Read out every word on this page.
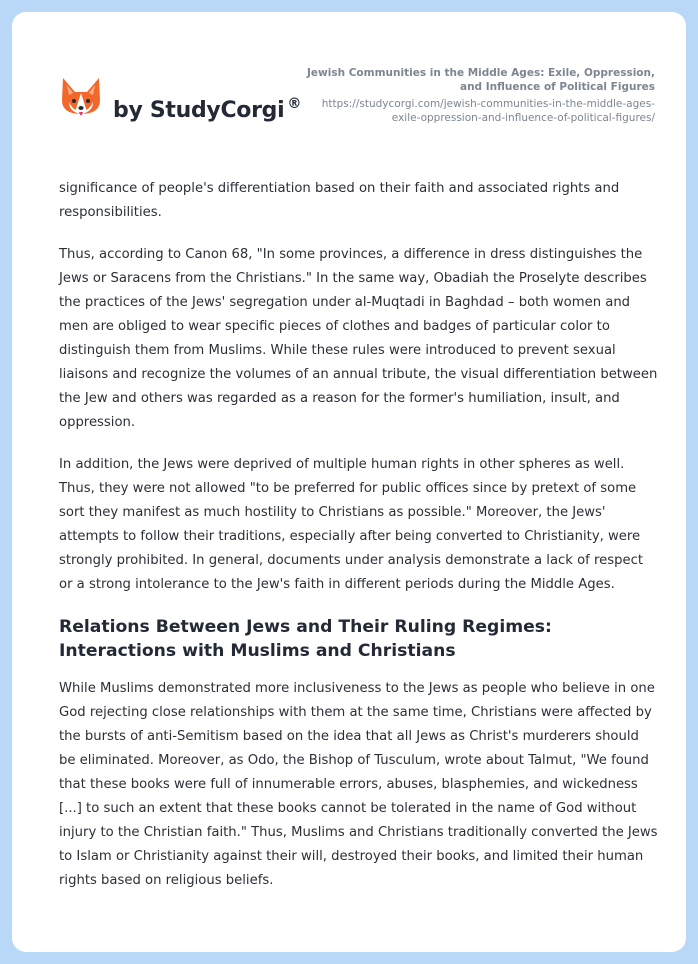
by StudyCorgi ®
Jewish Communities in the Middle Ages: Exile, Oppression, and Influence of Political Figures
https://studycorgi.com/jewish-communities-in-the-middle-ages-exile-oppression-and-influence-of-political-figures/

significance of people's differentiation based on their faith and associated rights and responsibilities.

Thus, according to Canon 68, "In some provinces, a difference in dress distinguishes the Jews or Saracens from the Christians." In the same way, Obadiah the Proselyte describes the practices of the Jews' segregation under al-Muqtadi in Baghdad – both women and men are obliged to wear specific pieces of clothes and badges of particular color to distinguish them from Muslims. While these rules were introduced to prevent sexual liaisons and recognize the volumes of an annual tribute, the visual differentiation between the Jew and others was regarded as a reason for the former's humiliation, insult, and oppression.

In addition, the Jews were deprived of multiple human rights in other spheres as well. Thus, they were not allowed "to be preferred for public offices since by pretext of some sort they manifest as much hostility to Christians as possible." Moreover, the Jews' attempts to follow their traditions, especially after being converted to Christianity, were strongly prohibited. In general, documents under analysis demonstrate a lack of respect or a strong intolerance to the Jew's faith in different periods during the Middle Ages.

Relations Between Jews and Their Ruling Regimes: Interactions with Muslims and Christians

While Muslims demonstrated more inclusiveness to the Jews as people who believe in one God rejecting close relationships with them at the same time, Christians were affected by the bursts of anti-Semitism based on the idea that all Jews as Christ's murderers should be eliminated. Moreover, as Odo, the Bishop of Tusculum, wrote about Talmut, "We found that these books were full of innumerable errors, abuses, blasphemies, and wickedness [...] to such an extent that these books cannot be tolerated in the name of God without injury to the Christian faith." Thus, Muslims and Christians traditionally converted the Jews to Islam or Christianity against their will, destroyed their books, and limited their human rights based on religious beliefs.
